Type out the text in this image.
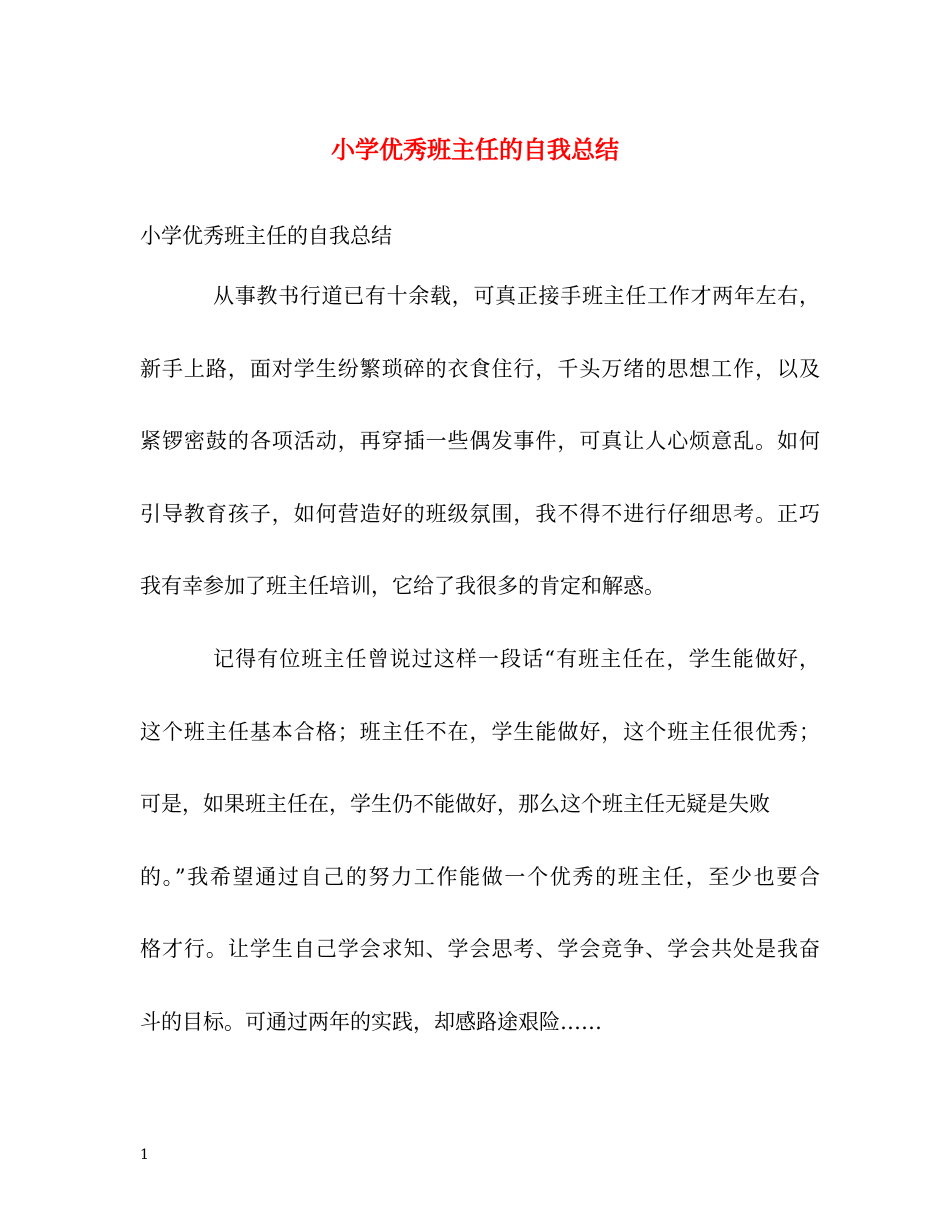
小学优秀班主任的自我总结

小学优秀班主任的自我总结

从事教书行道已有十余载，可真正接手班主任工作才两年左右，
新手上路，面对学生纷繁琐碎的衣食住行，千头万绪的思想工作，以及
紧锣密鼓的各项活动，再穿插一些偶发事件，可真让人心烦意乱。如何
引导教育孩子，如何营造好的班级氛围，我不得不进行仔细思考。正巧
我有幸参加了班主任培训，它给了我很多的肯定和解惑。
记得有位班主任曾说过这样一段话“有班主任在，学生能做好，
这个班主任基本合格；班主任不在，学生能做好，这个班主任很优秀；
可是，如果班主任在，学生仍不能做好，那么这个班主任无疑是失败
的。”我希望通过自己的努力工作能做一个优秀的班主任，至少也要合
格才行。让学生自己学会求知、学会思考、学会竞争、学会共处是我奋
斗的目标。可通过两年的实践，却感路途艰险……
1
